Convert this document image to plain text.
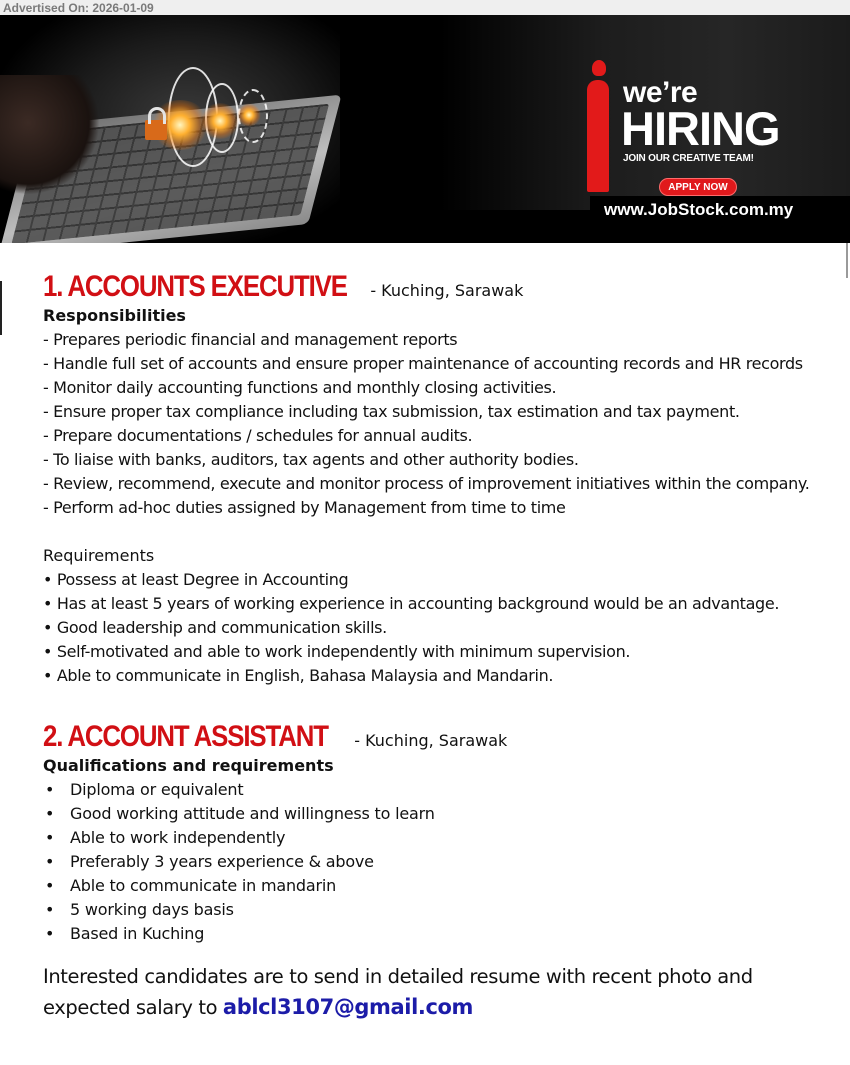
Advertised On: 2026-01-09
we’re
HIRING
JOIN OUR CREATIVE TEAM!
APPLY NOW
www.JobStock.com.my
1. ACCOUNTS EXECUTIVE - Kuching, Sarawak
Responsibilities
- Prepares periodic financial and management reports
- Handle full set of accounts and ensure proper maintenance of accounting records and HR records
- Monitor daily accounting functions and monthly closing activities.
- Ensure proper tax compliance including tax submission, tax estimation and tax payment.
- Prepare documentations / schedules for annual audits.
- To liaise with banks, auditors, tax agents and other authority bodies.
- Review, recommend, execute and monitor process of improvement initiatives within the company.
- Perform ad-hoc duties assigned by Management from time to time
Requirements
• Possess at least Degree in Accounting
• Has at least 5 years of working experience in accounting background would be an advantage.
• Good leadership and communication skills.
• Self-motivated and able to work independently with minimum supervision.
• Able to communicate in English, Bahasa Malaysia and Mandarin.
2. ACCOUNT ASSISTANT - Kuching, Sarawak
Qualifications and requirements
• Diploma or equivalent
• Good working attitude and willingness to learn
• Able to work independently
• Preferably 3 years experience & above
• Able to communicate in mandarin
• 5 working days basis
• Based in Kuching
Interested candidates are to send in detailed resume with recent photo and expected salary to ablcl3107@gmail.com
